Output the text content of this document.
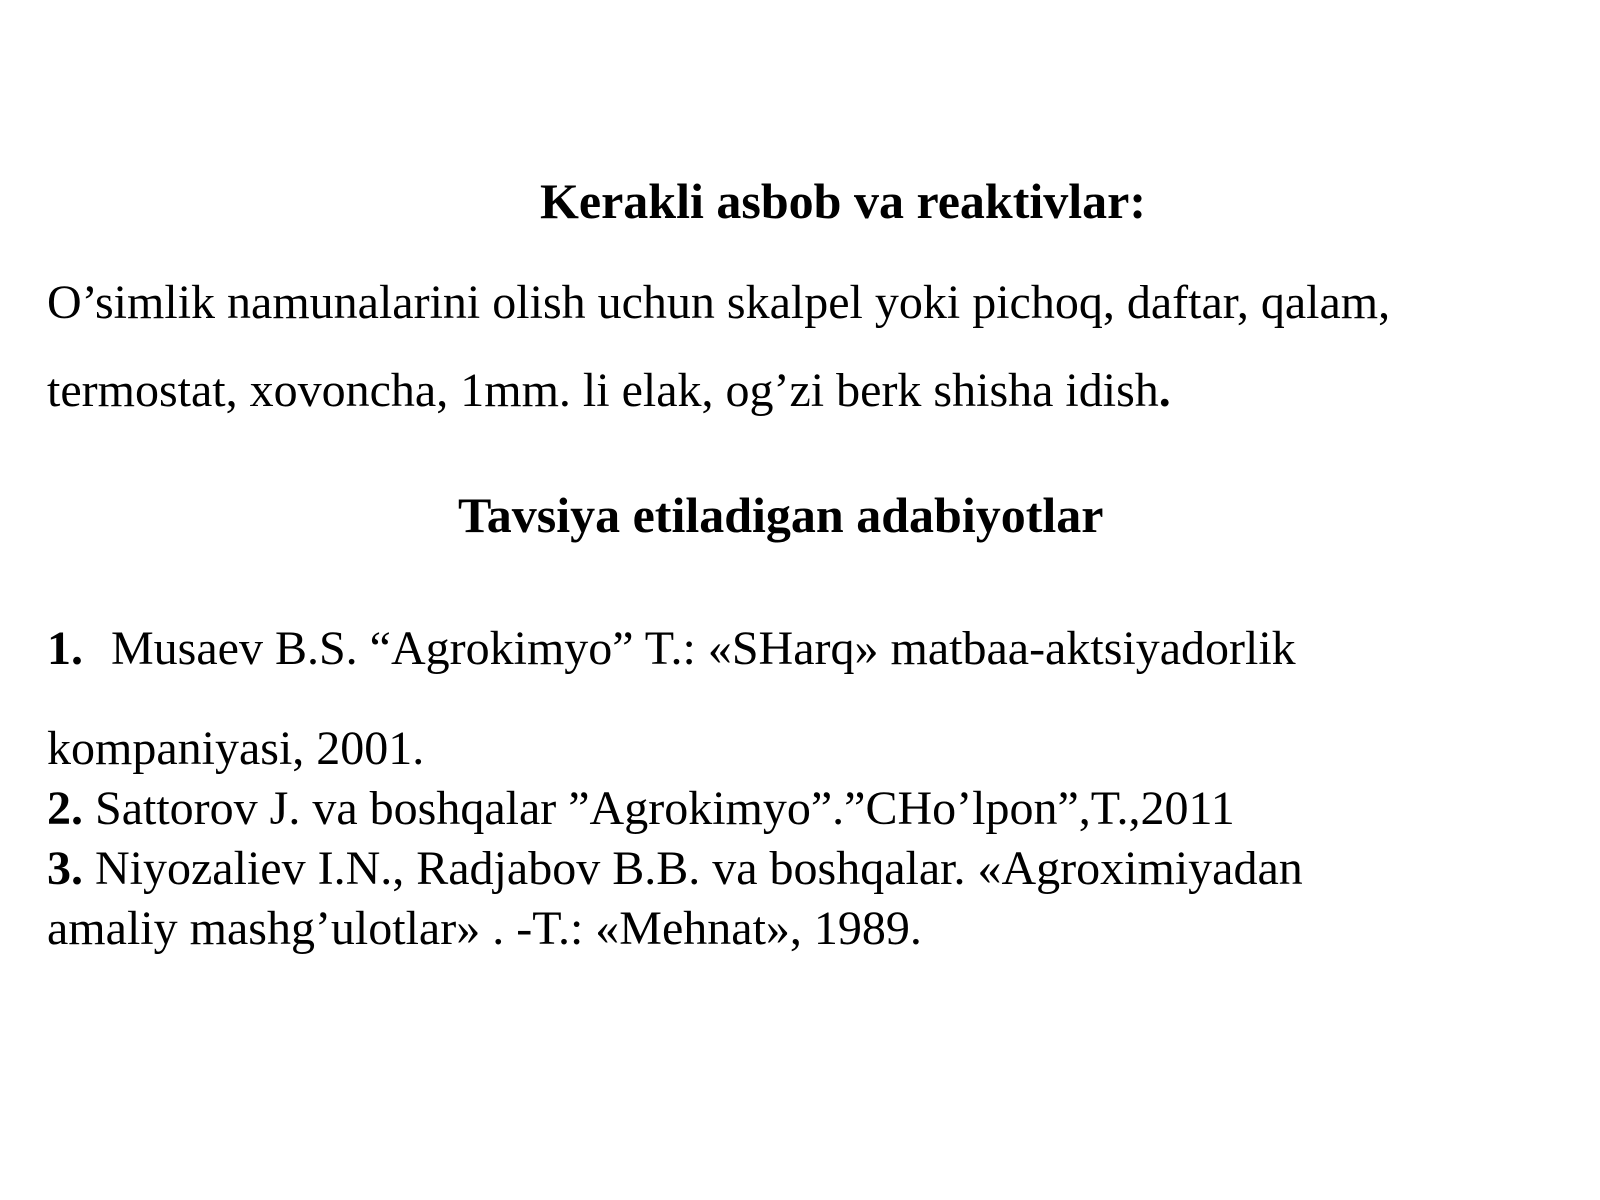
Kerakli asbob va reaktivlar:

O’simlik namunalarini olish uchun skalpel yoki pichoq, daftar, qalam,

termostat, xovoncha, 1mm. li elak, og’zi berk shisha idish.

Tavsiya etiladigan adabiyotlar

1. Musaev B.S. “Agrokimyo” T.: «SHarq» matbaa-aktsiyadorlik

kompaniyasi, 2001.

2. Sattorov J. va boshqalar ”Agrokimyo”.”CHo’lpon”,T.,2011

3. Niyozaliev I.N., Radjabov B.B. va boshqalar. «Agroximiyadan

amaliy mashg’ulotlar» . -T.: «Mehnat», 1989.
